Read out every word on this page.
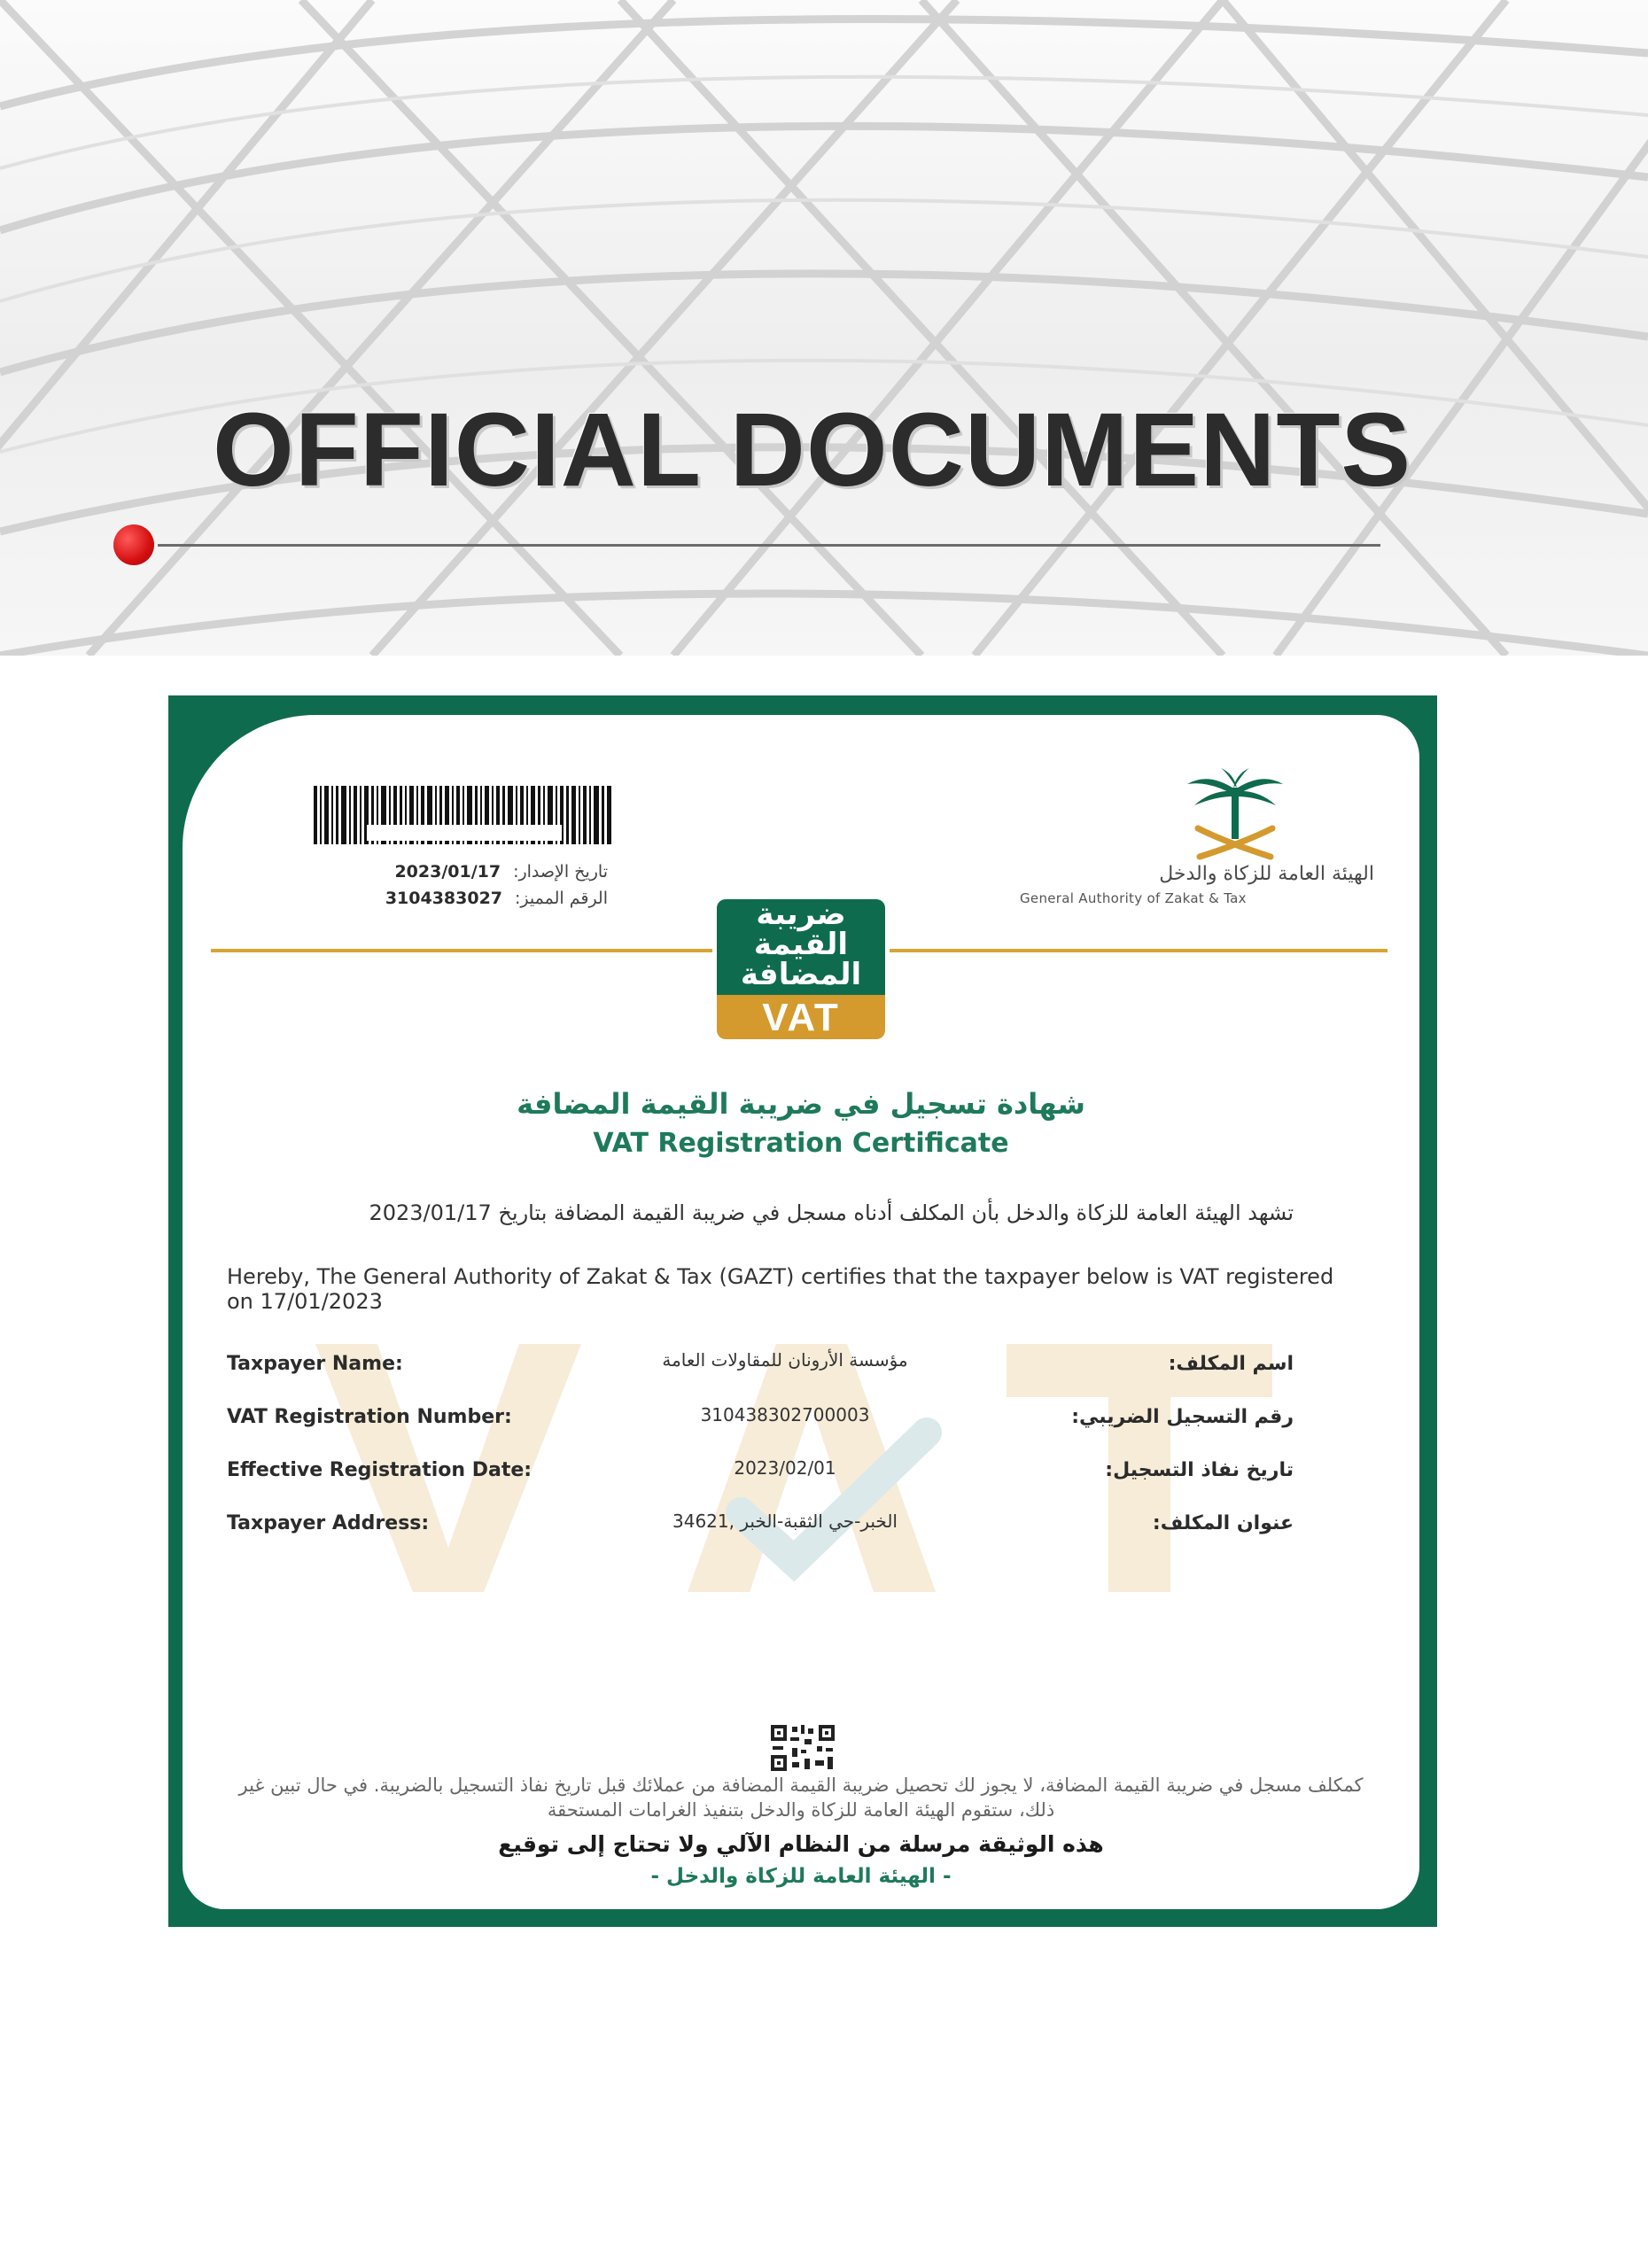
OFFICIAL DOCUMENTS
تاريخ الإصدار:2023/01/17
الرقم المميز:3104383027
الهيئة العامة للزكاة والدخل
General Authority of Zakat & Tax
ضريبة
القيمة
المضافة
VAT
شهادة تسجيل في ضريبة القيمة المضافة
VAT Registration Certificate
تشهد الهيئة العامة للزكاة والدخل بأن المكلف أدناه مسجل في ضريبة القيمة المضافة بتاريخ 2023/01/17
Hereby, The General Authority of Zakat & Tax (GAZT) certifies that the taxpayer below is VAT registered on 17/01/2023
Taxpayer Name:	مؤسسة الأرونان للمقاولات العامة	اسم المكلف:
VAT Registration Number:	310438302700003	رقم التسجيل الضريبي:
Effective Registration Date:	2023/02/01	تاريخ نفاذ التسجيل:
Taxpayer Address:	الخبر-حي الثقبة-الخبر ,34621	عنوان المكلف:
كمكلف مسجل في ضريبة القيمة المضافة، لا يجوز لك تحصيل ضريبة القيمة المضافة من عملائك قبل تاريخ نفاذ التسجيل بالضريبة. في حال تبين غير ذلك، ستقوم الهيئة العامة للزكاة والدخل بتنفيذ الغرامات المستحقة
هذه الوثيقة مرسلة من النظام الآلي ولا تحتاج إلى توقيع
- الهيئة العامة للزكاة والدخل -
